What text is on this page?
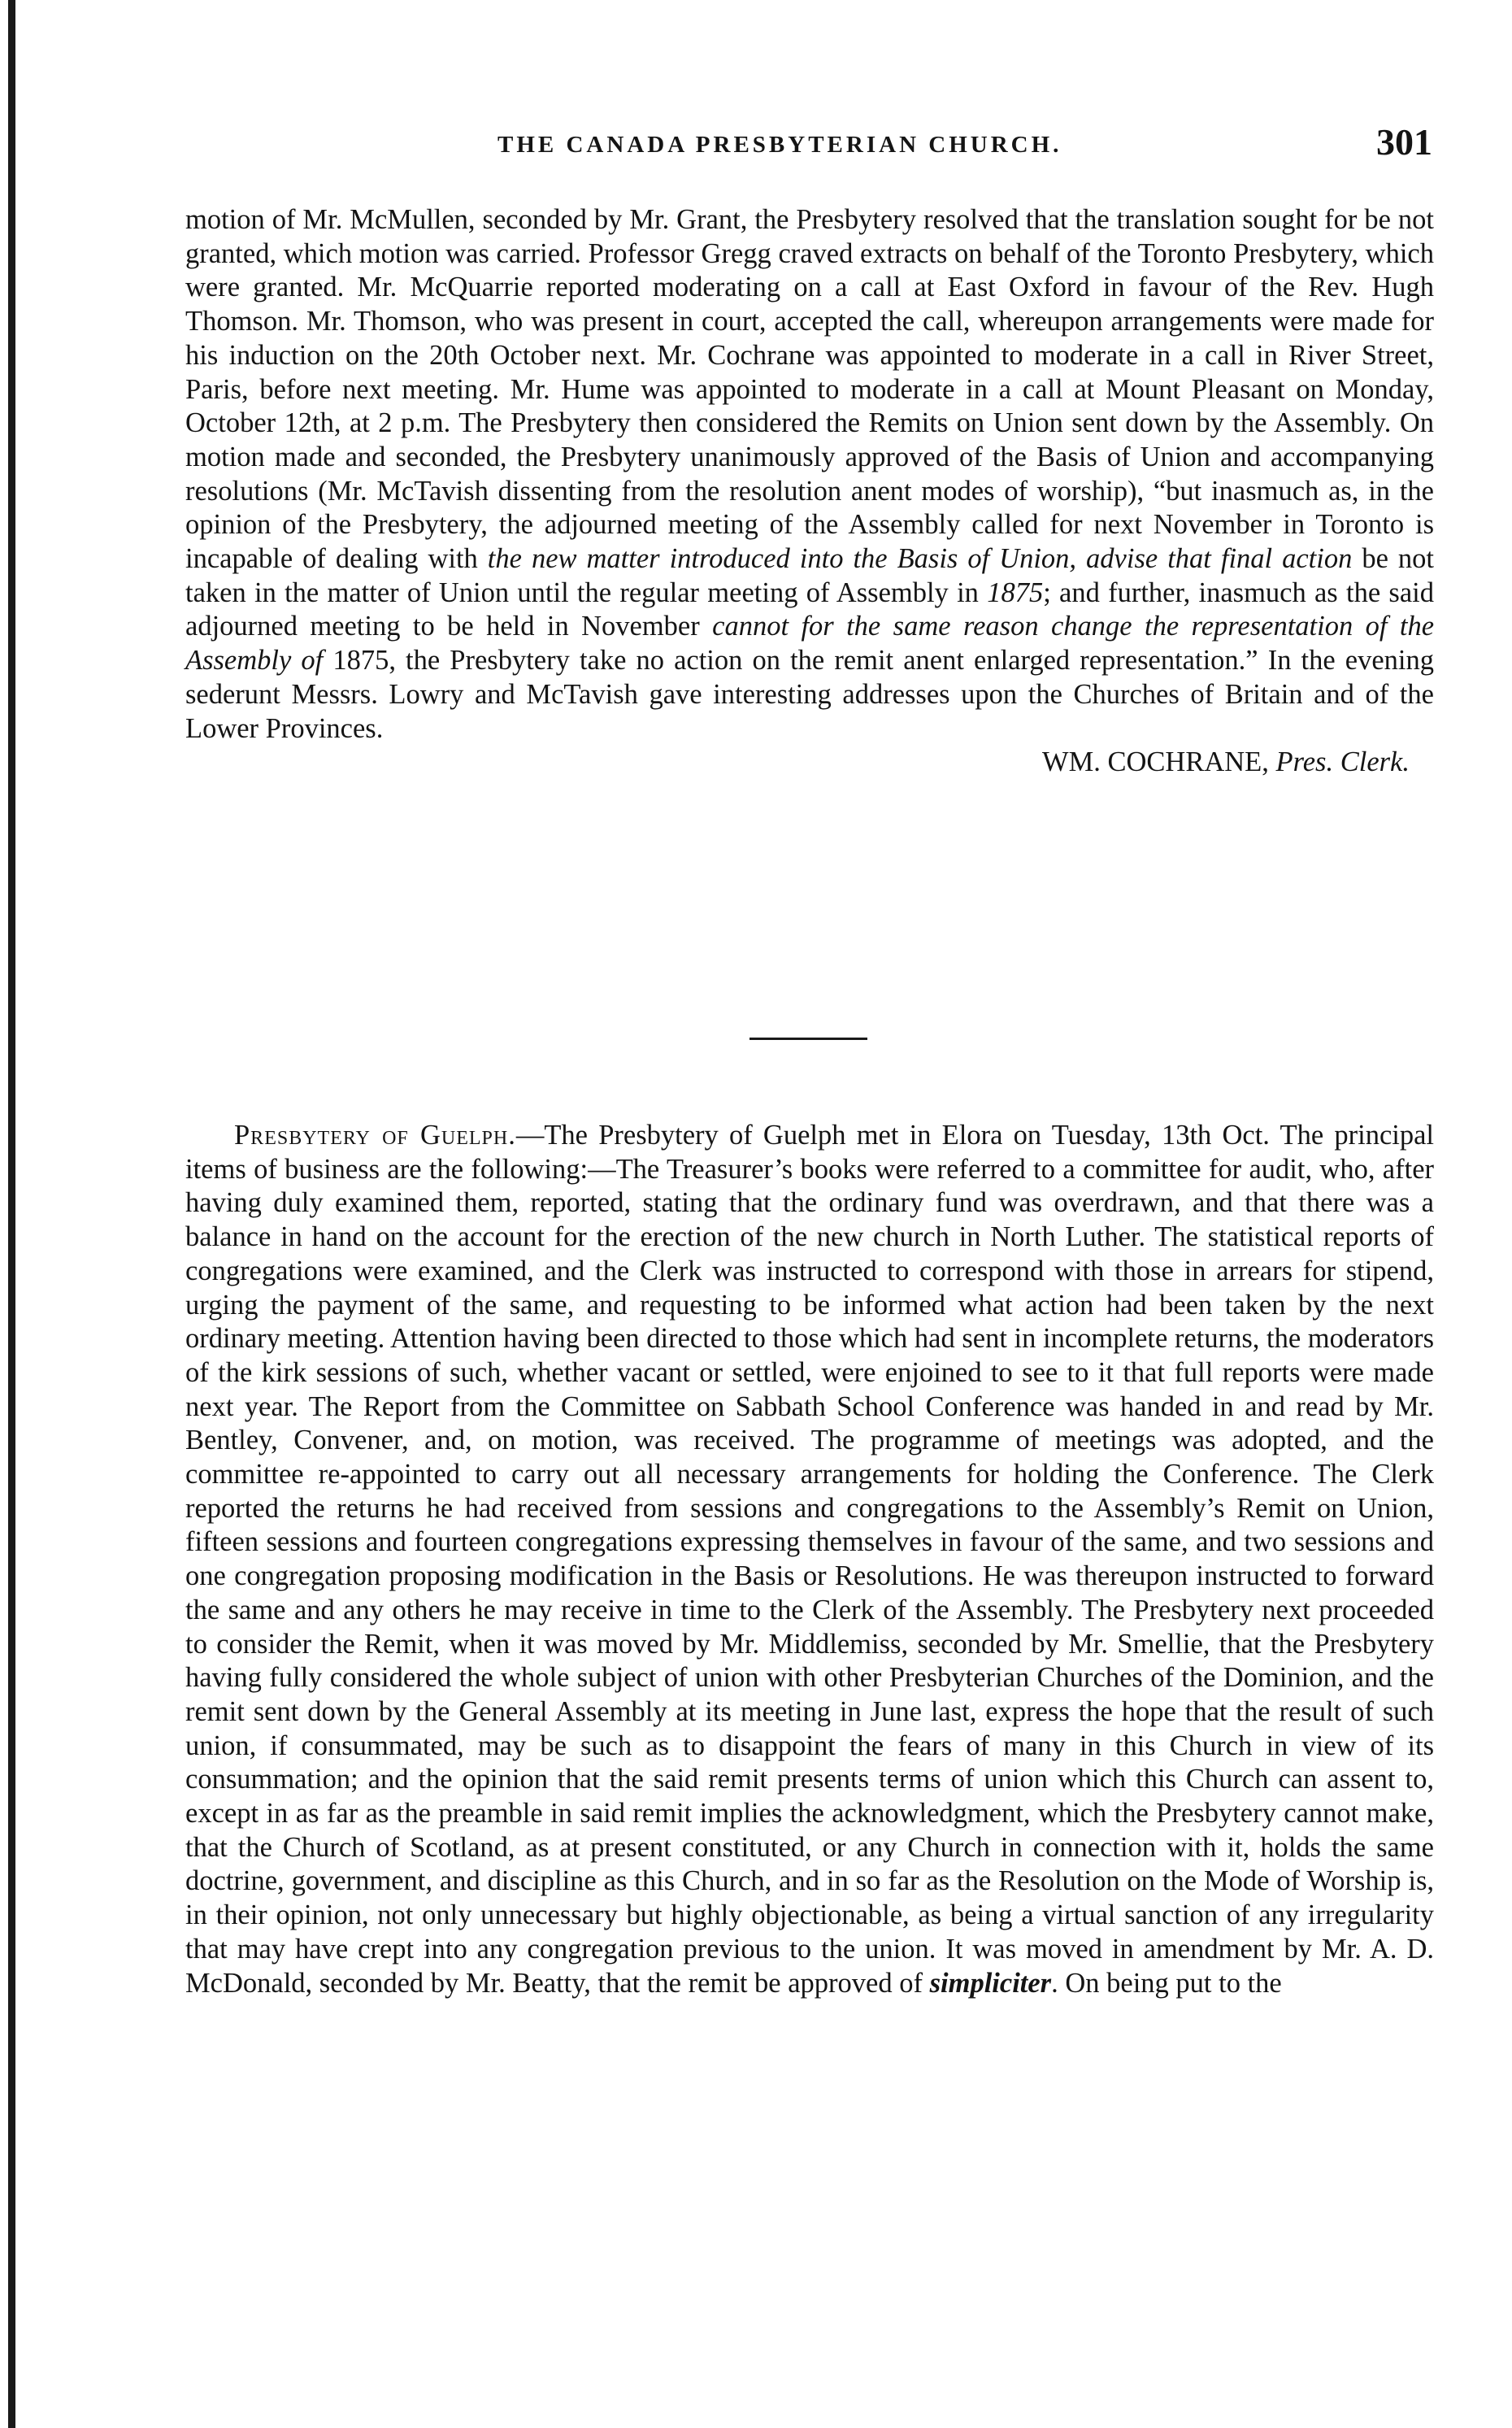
THE CANADA PRESBYTERIAN CHURCH.	301

motion of Mr. McMullen, seconded by Mr. Grant, the Presbytery resolved that the translation sought for be not granted, which motion was carried. Professor Gregg craved extracts on behalf of the Toronto Presbytery, which were granted. Mr. McQuarrie reported moderating on a call at East Oxford in favour of the Rev. Hugh Thomson. Mr. Thomson, who was present in court, accepted the call, whereupon arrangements were made for his induction on the 20th October next. Mr. Cochrane was appointed to moderate in a call in River Street, Paris, before next meeting. Mr. Hume was appointed to moderate in a call at Mount Pleasant on Monday, October 12th, at 2 p.m. The Presbytery then considered the Remits on Union sent down by the Assembly. On motion made and seconded, the Presbytery unanimously approved of the Basis of Union and accompanying resolutions (Mr. McTavish dissenting from the resolution anent modes of worship), “but inasmuch as, in the opinion of the Presbytery, the adjourned meeting of the Assembly called for next November in Toronto is incapable of dealing with the new matter introduced into the Basis of Union, advise that final action be not taken in the matter of Union until the regular meeting of Assembly in 1875; and further, inasmuch as the said adjourned meeting to be held in November cannot for the same reason change the representation of the Assembly of 1875, the Presbytery take no action on the remit anent enlarged representation.” In the evening sederunt Messrs. Lowry and McTavish gave interesting addresses upon the Churches of Britain and of the Lower Provinces.

WM. COCHRANE, Pres. Clerk.

Presbytery of Guelph.—The Presbytery of Guelph met in Elora on Tuesday, 13th Oct. The principal items of business are the following:—The Treasurer’s books were referred to a committee for audit, who, after having duly examined them, reported, stating that the ordinary fund was overdrawn, and that there was a balance in hand on the account for the erection of the new church in North Luther. The statistical reports of congregations were examined, and the Clerk was instructed to correspond with those in arrears for stipend, urging the payment of the same, and requesting to be informed what action had been taken by the next ordinary meeting. Attention having been directed to those which had sent in incomplete returns, the moderators of the kirk sessions of such, whether vacant or settled, were enjoined to see to it that full reports were made next year. The Report from the Committee on Sabbath School Conference was handed in and read by Mr. Bentley, Convener, and, on motion, was received. The programme of meetings was adopted, and the committee re-appointed to carry out all necessary arrangements for holding the Conference. The Clerk reported the returns he had received from sessions and congregations to the Assembly’s Remit on Union, fifteen sessions and fourteen congregations expressing themselves in favour of the same, and two sessions and one congregation proposing modification in the Basis or Resolutions. He was thereupon instructed to forward the same and any others he may receive in time to the Clerk of the Assembly. The Presbytery next proceeded to consider the Remit, when it was moved by Mr. Middlemiss, seconded by Mr. Smellie, that the Presbytery having fully considered the whole subject of union with other Presbyterian Churches of the Dominion, and the remit sent down by the General Assembly at its meeting in June last, express the hope that the result of such union, if consummated, may be such as to disappoint the fears of many in this Church in view of its consummation; and the opinion that the said remit presents terms of union which this Church can assent to, except in as far as the preamble in said remit implies the acknowledgment, which the Presbytery cannot make, that the Church of Scotland, as at present constituted, or any Church in connection with it, holds the same doctrine, government, and discipline as this Church, and in so far as the Resolution on the Mode of Worship is, in their opinion, not only unnecessary but highly objectionable, as being a virtual sanction of any irregularity that may have crept into any congregation previous to the union. It was moved in amendment by Mr. A. D. McDonald, seconded by Mr. Beatty, that the remit be approved of simpliciter. On being put to the
